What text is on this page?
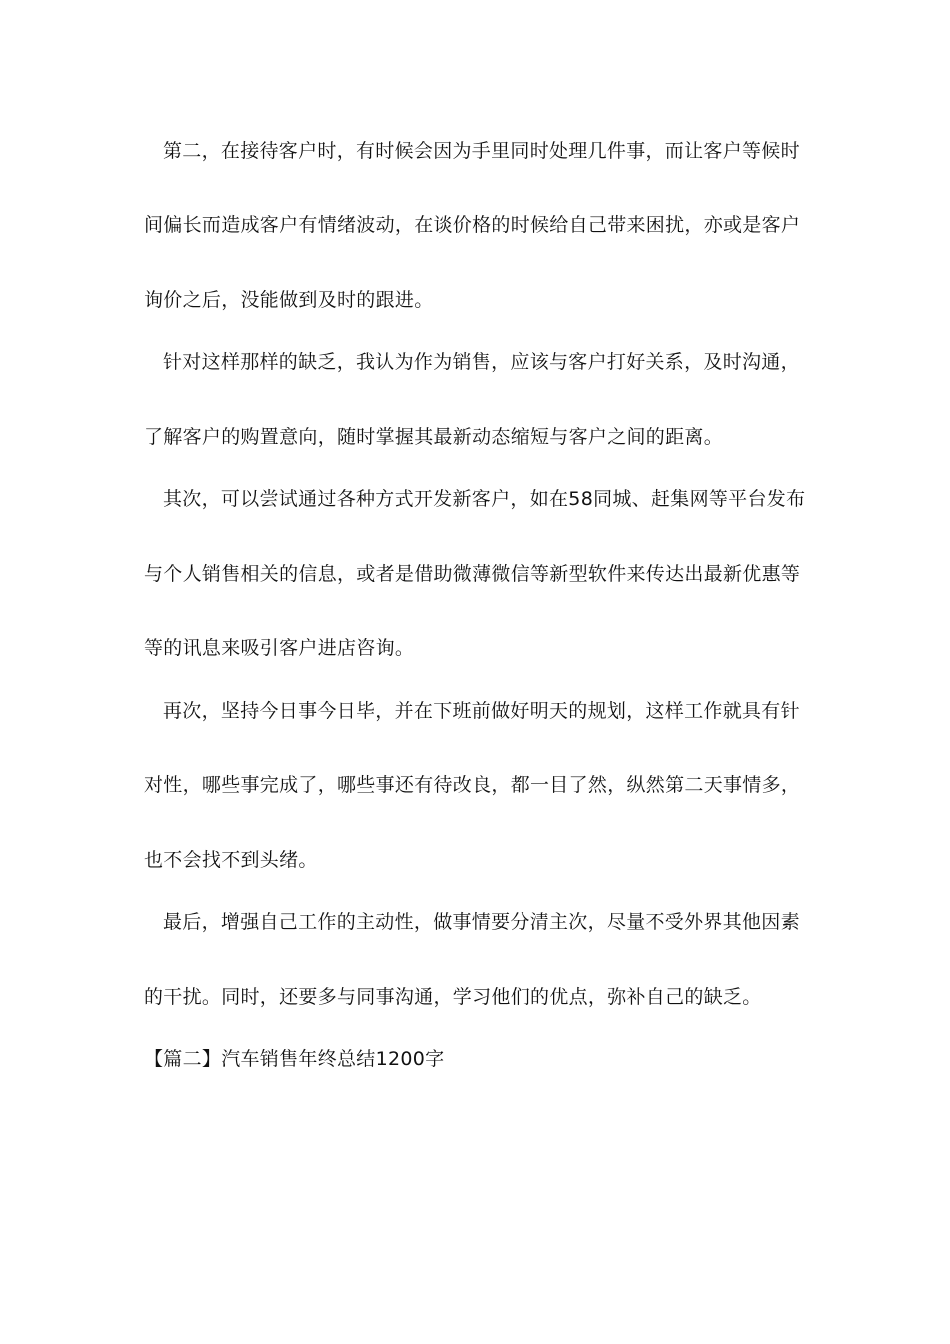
第二，在接待客户时，有时候会因为手里同时处理几件事，而让客户等候时
间偏长而造成客户有情绪波动，在谈价格的时候给自己带来困扰，亦或是客户
询价之后，没能做到及时的跟进。
针对这样那样的缺乏，我认为作为销售，应该与客户打好关系，及时沟通，
了解客户的购置意向，随时掌握其最新动态缩短与客户之间的距离。
其次，可以尝试通过各种方式开发新客户，如在58同城、赶集网等平台发布
与个人销售相关的信息，或者是借助微薄微信等新型软件来传达出最新优惠等
等的讯息来吸引客户进店咨询。
再次，坚持今日事今日毕，并在下班前做好明天的规划，这样工作就具有针
对性，哪些事完成了，哪些事还有待改良，都一目了然，纵然第二天事情多，
也不会找不到头绪。
最后，增强自己工作的主动性，做事情要分清主次，尽量不受外界其他因素
的干扰。同时，还要多与同事沟通，学习他们的优点，弥补自己的缺乏。
【篇二】汽车销售年终总结1200字
